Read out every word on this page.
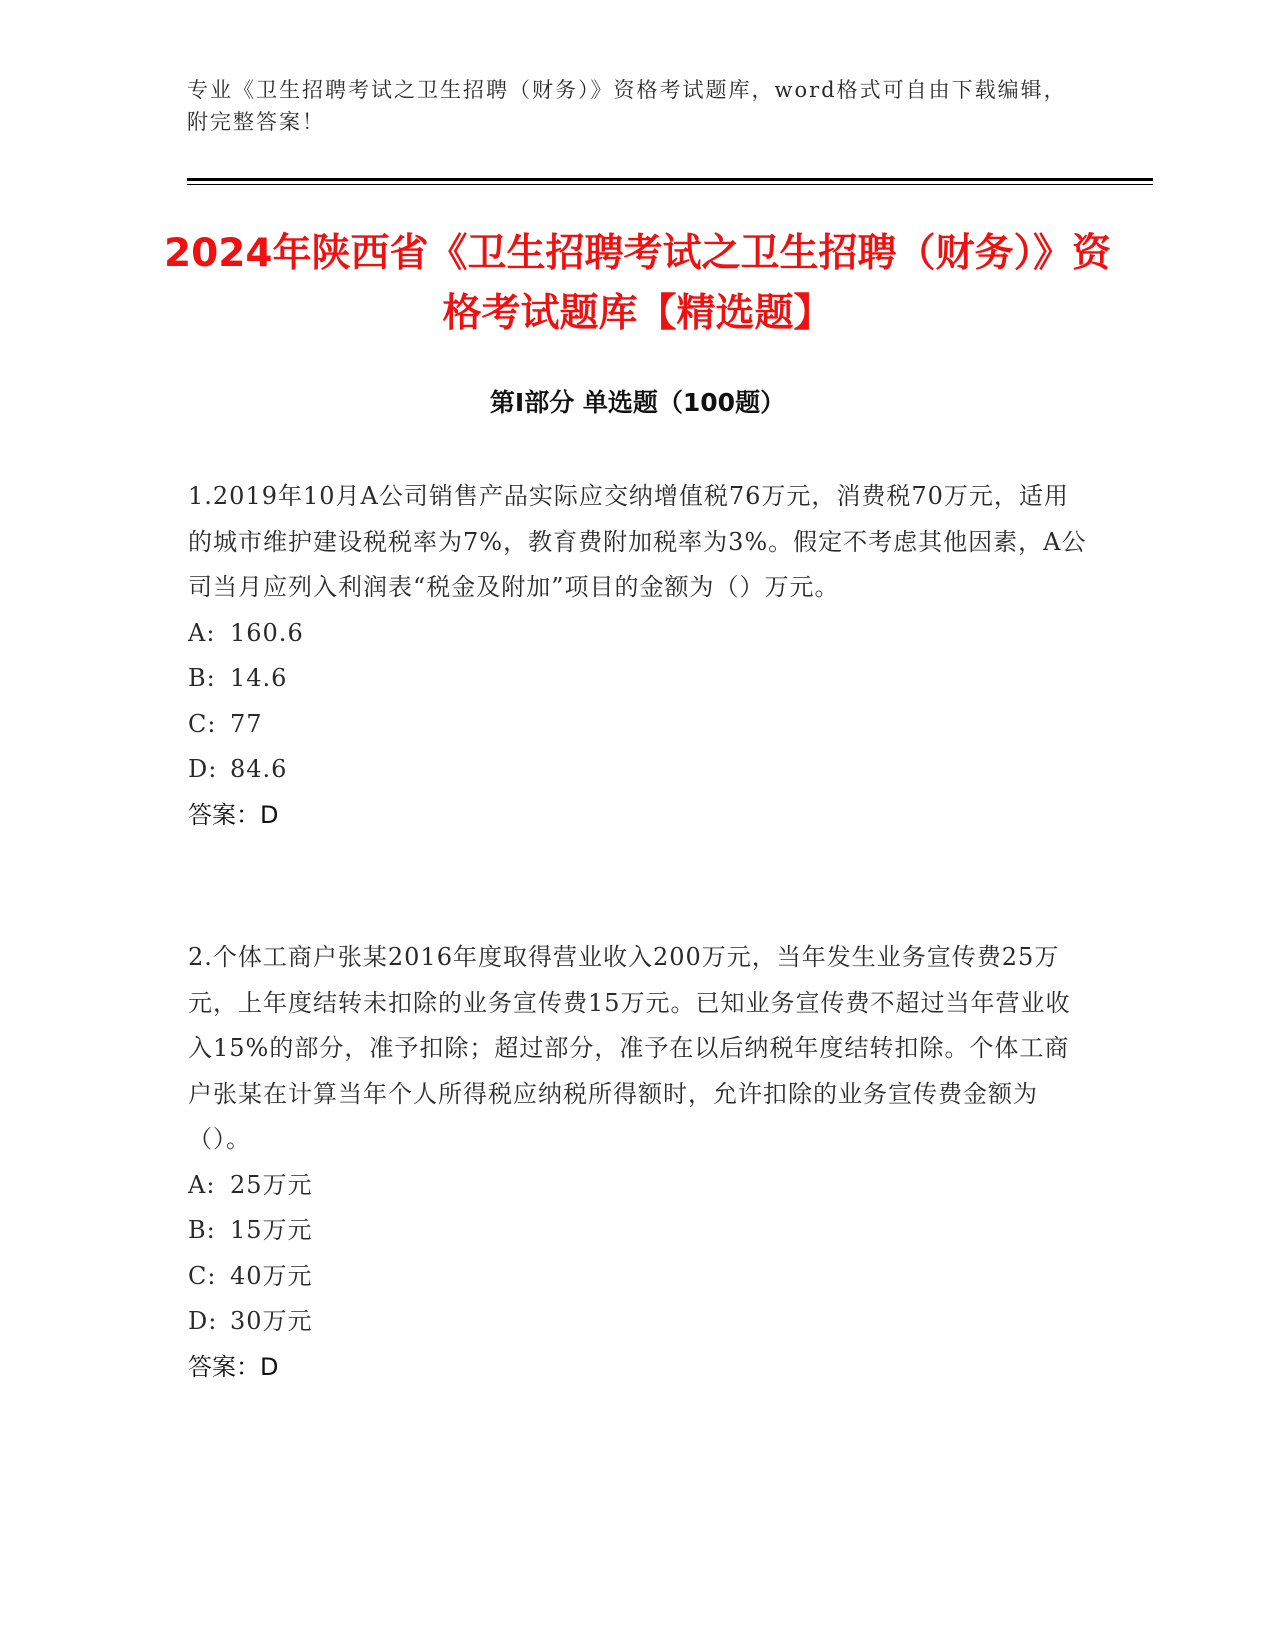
专业《卫生招聘考试之卫生招聘（财务）》资格考试题库，word格式可自由下载编辑，附完整答案！
2024年陕西省《卫生招聘考试之卫生招聘（财务）》资格考试题库【精选题】
第I部分 单选题（100题）
1.2019年10月A公司销售产品实际应交纳增值税76万元，消费税70万元，适用的城市维护建设税税率为7%，教育费附加税率为3%。假定不考虑其他因素，A公司当月应列入利润表“税金及附加”项目的金额为（）万元。
A: 160.6
B: 14.6
C: 77
D: 84.6
答案：D
2.个体工商户张某2016年度取得营业收入200万元，当年发生业务宣传费25万元，上年度结转未扣除的业务宣传费15万元。已知业务宣传费不超过当年营业收入15%的部分，准予扣除；超过部分，准予在以后纳税年度结转扣除。个体工商户张某在计算当年个人所得税应纳税所得额时，允许扣除的业务宣传费金额为（）。
A: 25万元
B: 15万元
C: 40万元
D: 30万元
答案：D
